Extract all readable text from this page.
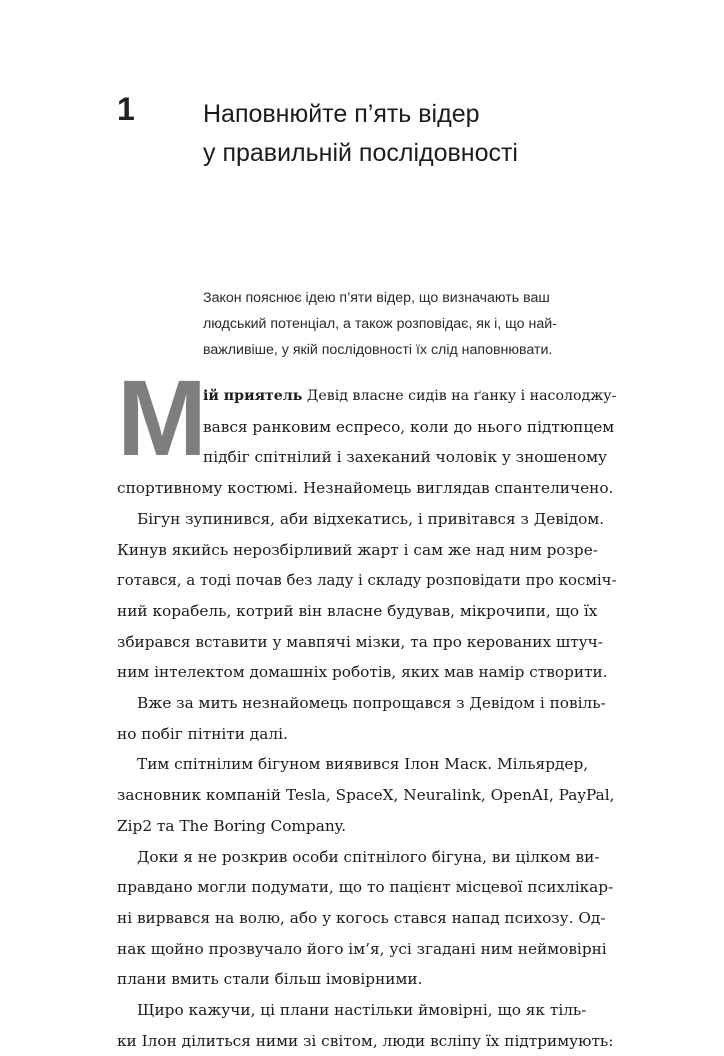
1	Наповнюйте п’ять відер
у правильній послідовності
Закон пояснює ідею п’яти відер, що визначають ваш
людський потенціал, а також розповідає, як і, що най-
важливіше, у якій послідовності їх слід наповнювати.
М
ій приятель Девід власне сидів на ґанку і насолоджу-
вався ранковим еспресо, коли до нього підтюпцем
підбіг спітнілий і захеканий чоловік у зношеному
спортивному костюмі. Незнайомець виглядав спантеличено.
Бігун зупинився, аби відхекатись, і привітався з Девідом.
Кинув якийсь нерозбірливий жарт і сам же над ним розре-
готався, а тоді почав без ладу і складу розповідати про косміч-
ний корабель, котрий він власне будував, мікрочипи, що їх
збирався вставити у мавпячі мізки, та про керованих штуч-
ним інтелектом домашніх роботів, яких мав намір створити.
Вже за мить незнайомець попрощався з Девідом і повіль-
но побіг пітніти далі.
Тим спітнілим бігуном виявився Ілон Маск. Мільярдер,
засновник компаній Tesla, SpaceX, Neuralink, OpenAI, PayPal,
Zip2 та The Boring Company.
Доки я не розкрив особи спітнілого бігуна, ви цілком ви-
правдано могли подумати, що то пацієнт місцевої психлікар-
ні вирвався на волю, або у когось стався напад психозу. Од-
нак щойно прозвучало його ім’я, усі згадані ним неймовірні
плани вмить стали більш імовірними.
Щиро кажучи, ці плани настільки ймовірні, що як тіль-
ки Ілон ділиться ними зі світом, люди всліпу їх підтримують:
